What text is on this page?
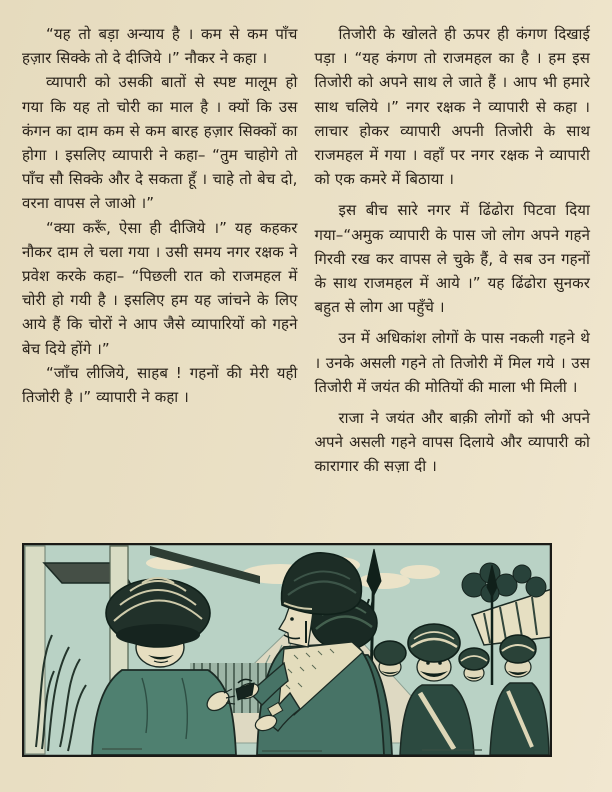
“यह तो बड़ा अन्याय है । कम से कम पाँच हज़ार सिक्के तो दे दीजिये ।” नौकर ने कहा ।

व्यापारी को उसकी बातों से स्पष्ट मालूम हो गया कि यह तो चोरी का माल है । क्यों कि उस कंगन का दाम कम से कम बारह हज़ार सिक्कों का होगा । इसलिए व्यापारी ने कहा– “तुम चाहोगे तो पाँच सौ सिक्के और दे सकता हूँ । चाहे तो बेच दो, वरना वापस ले जाओ ।”

“क्या करूँ, ऐसा ही दीजिये ।” यह कहकर नौकर दाम ले चला गया । उसी समय नगर रक्षक ने प्रवेश करके कहा– “पिछली रात को राजमहल में चोरी हो गयी है । इसलिए हम यह जांचने के लिए आये हैं कि चोरों ने आप जैसे व्यापारियों को गहने बेच दिये होंगे ।”

“जाँच लीजिये, साहब ! गहनों की मेरी यही तिजोरी है ।” व्यापारी ने कहा ।

तिजोरी के खोलते ही ऊपर ही कंगण दिखाई पड़ा । “यह कंगण तो राजमहल का है । हम इस तिजोरी को अपने साथ ले जाते हैं । आप भी हमारे साथ चलिये ।” नगर रक्षक ने व्यापारी से कहा । लाचार होकर व्यापारी अपनी तिजोरी के साथ राजमहल में गया । वहाँ पर नगर रक्षक ने व्यापारी को एक कमरे में बिठाया ।

इस बीच सारे नगर में ढिंढोरा पिटवा दिया गया–“अमुक व्यापारी के पास जो लोग अपने गहने गिरवी रख कर वापस ले चुके हैं, वे सब उन गहनों के साथ राजमहल में आये ।” यह ढिंढोरा सुनकर बहुत से लोग आ पहुँचे ।

उन में अधिकांश लोगों के पास नकली गहने थे । उनके असली गहने तो तिजोरी में मिल गये । उस तिजोरी में जयंत की मोतियों की माला भी मिली ।

राजा ने जयंत और बाक़ी लोगों को भी अपने अपने असली गहने वापस दिलाये और व्यापारी को कारागार की सज़ा दी ।
